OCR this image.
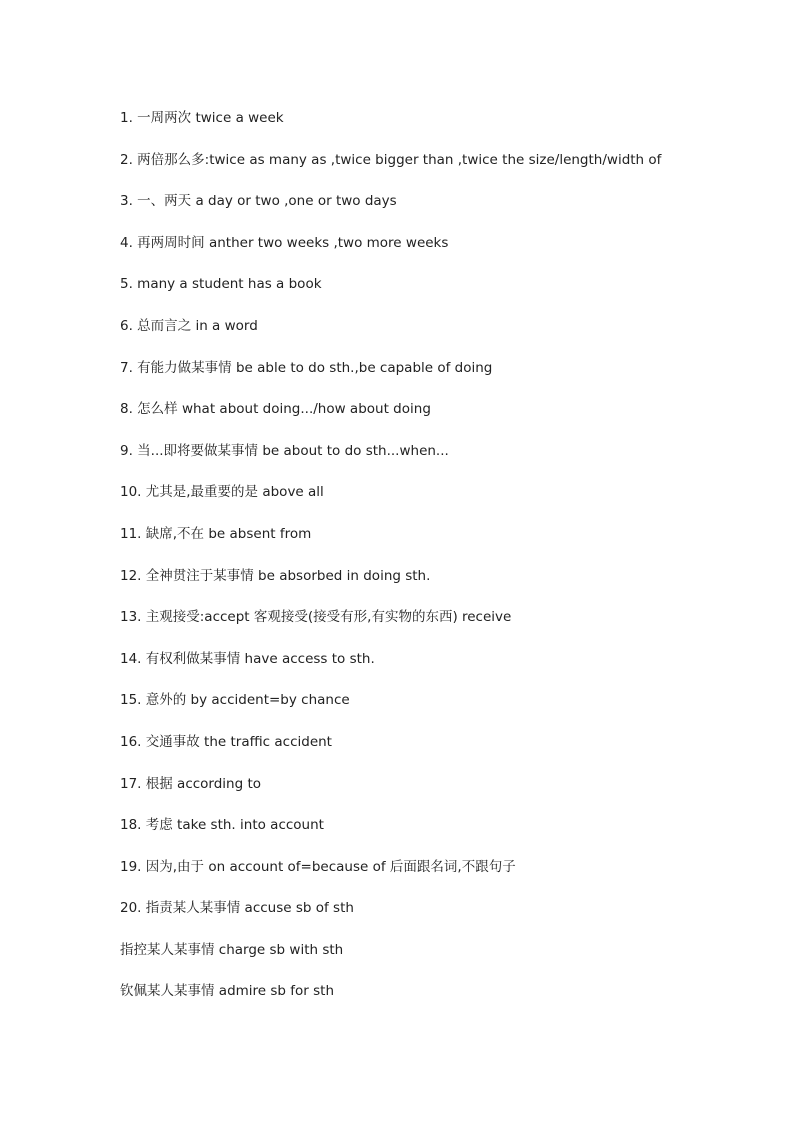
1. 一周两次 twice a week
2. 两倍那么多:twice as many as ,twice bigger than ,twice the size/length/width of
3. 一、两天 a day or two ,one or two days
4. 再两周时间 anther two weeks ,two more weeks
5. many a student has a book
6. 总而言之 in a word
7. 有能力做某事情 be able to do sth.,be capable of doing
8. 怎么样 what about doing.../how about doing
9. 当...即将要做某事情 be about to do sth...when...
10. 尤其是,最重要的是 above all
11. 缺席,不在 be absent from
12. 全神贯注于某事情 be absorbed in doing sth.
13. 主观接受:accept 客观接受(接受有形,有实物的东西) receive
14. 有权利做某事情 have access to sth.
15. 意外的 by accident=by chance
16. 交通事故 the traffic accident
17. 根据 according to
18. 考虑 take sth. into account
19. 因为,由于 on account of=because of 后面跟名词,不跟句子
20. 指责某人某事情 accuse sb of sth
指控某人某事情 charge sb with sth
钦佩某人某事情 admire sb for sth
